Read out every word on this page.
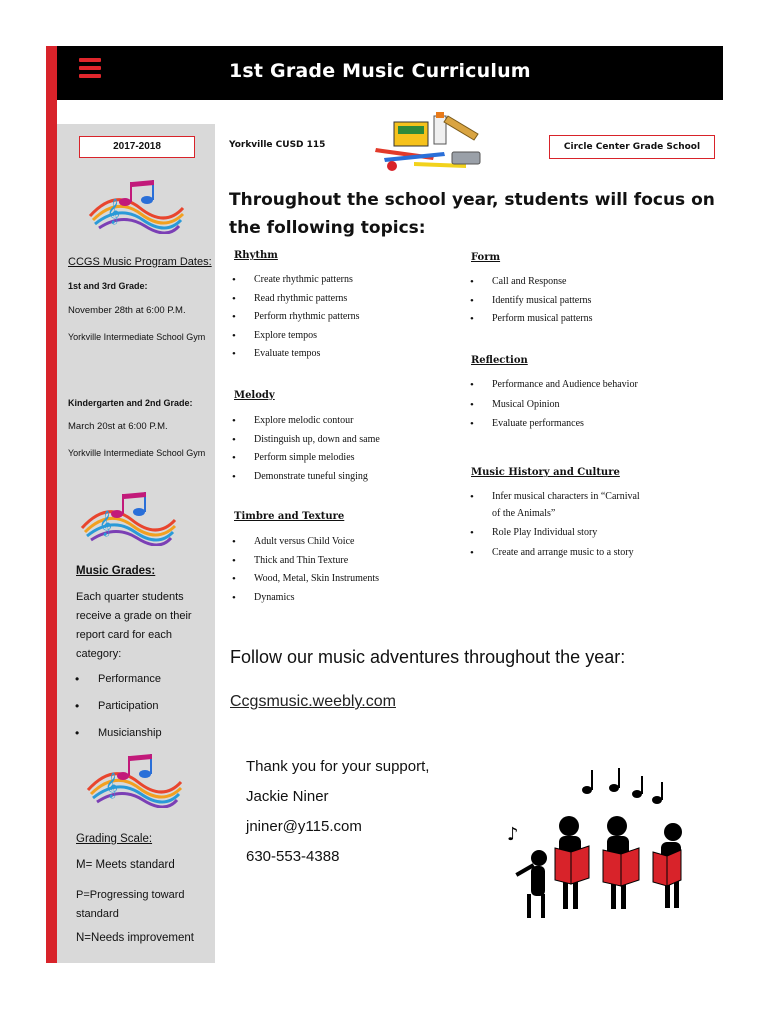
1st Grade Music Curriculum
2017-2018
𝄞
CCGS Music Program Dates:
1st and 3rd Grade:
November 28th at 6:00 P.M.
Yorkville Intermediate School Gym
Kindergarten and 2nd Grade:
March 20st at 6:00 P.M.
Yorkville Intermediate School Gym
𝄞
Music Grades:
Each quarter students receive a grade on their report card for each category:
• Performance
• Participation
• Musicianship
𝄞
Grading Scale:
M= Meets standard
P=Progressing toward standard
N=Needs improvement
Yorkville CUSD 115	Circle Center Grade School
Throughout the school year, students will focus on the following topics:
Rhythm
• Create rhythmic patterns
• Read rhythmic patterns
• Perform rhythmic patterns
• Explore tempos
• Evaluate tempos
Melody
• Explore melodic contour
• Distinguish up, down and same
• Perform simple melodies
• Demonstrate tuneful singing
Timbre and Texture
• Adult versus Child Voice
• Thick and Thin Texture
• Wood, Metal, Skin Instruments
• Dynamics
Form
• Call and Response
• Identify musical patterns
• Perform musical patterns
Reflection
• Performance and Audience behavior
• Musical Opinion
• Evaluate performances
Music History and Culture
• Infer musical characters in “Carnival of the Animals”
• Role Play Individual story
• Create and arrange music to a story
Follow our music adventures throughout the year:
Ccgsmusic.weebly.com
Thank you for your support,
Jackie Niner
jniner@y115.com
630-553-4388
♪
